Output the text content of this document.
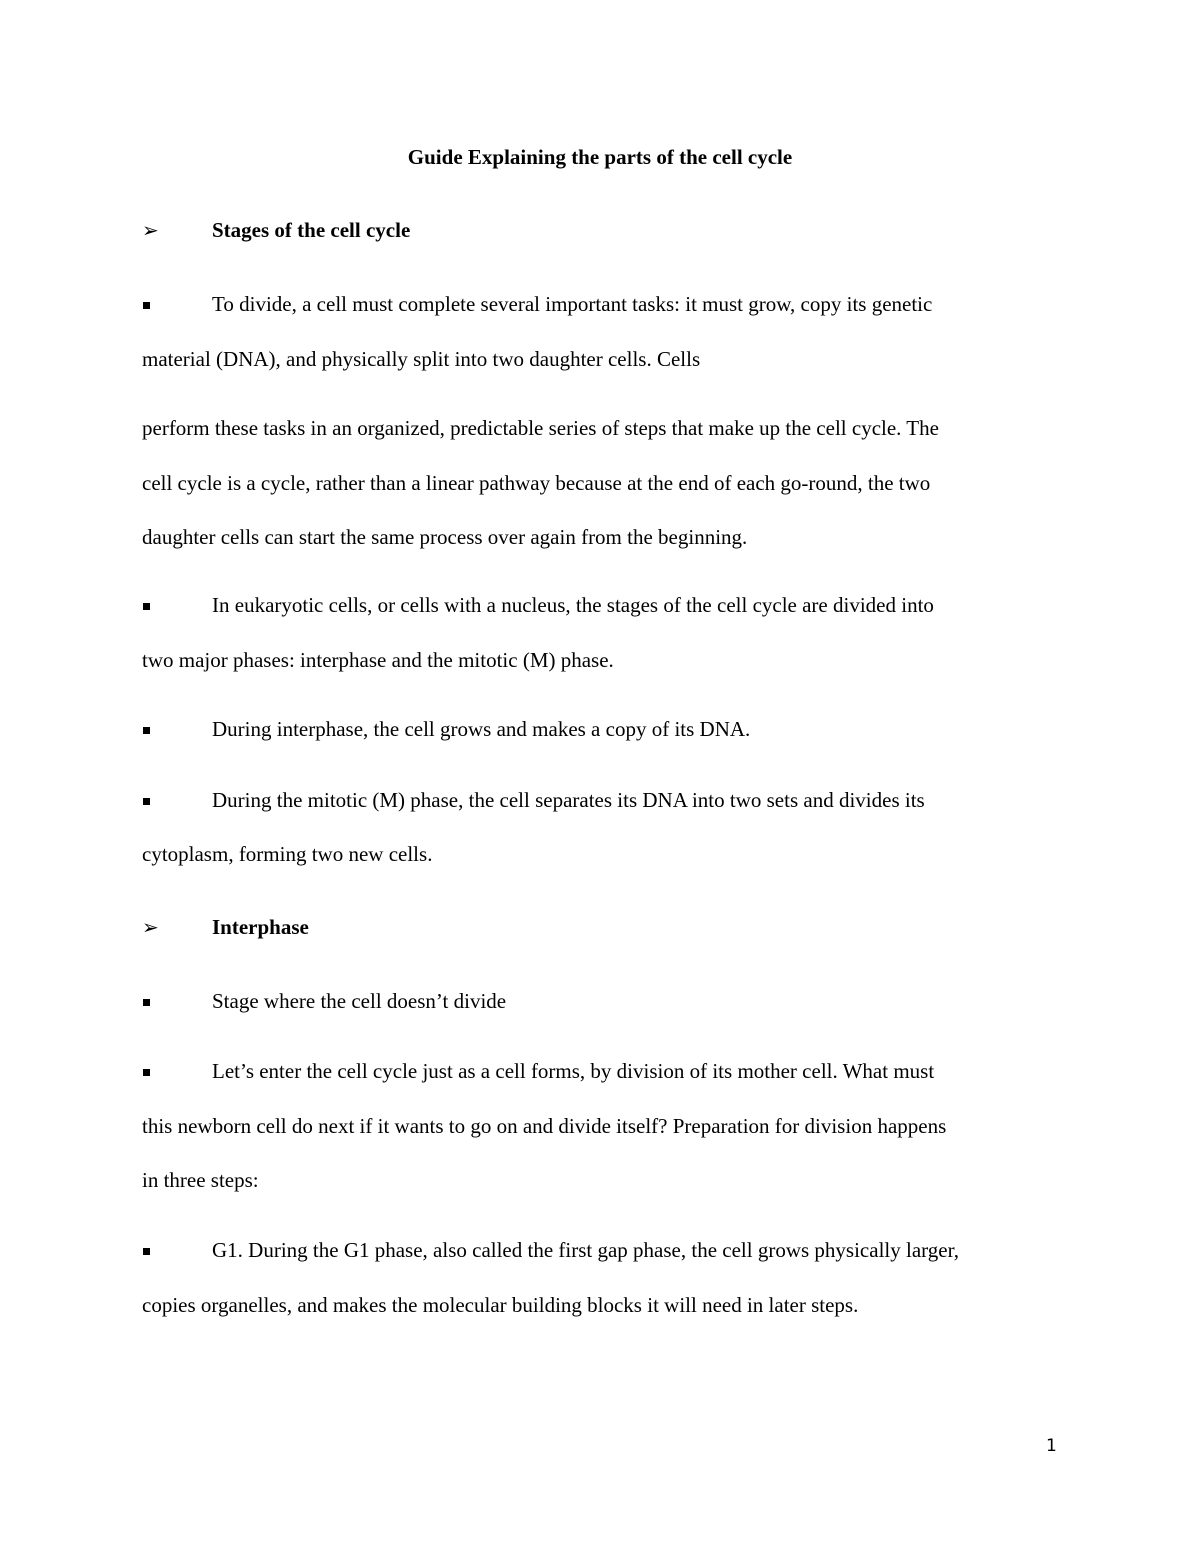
Guide Explaining the parts of the cell cycle
➢	Stages of the cell cycle
To divide, a cell must complete several important tasks: it must grow, copy its genetic
material (DNA), and physically split into two daughter cells. Cells
perform these tasks in an organized, predictable series of steps that make up the cell cycle. The
cell cycle is a cycle, rather than a linear pathway because at the end of each go-round, the two
daughter cells can start the same process over again from the beginning.
In eukaryotic cells, or cells with a nucleus, the stages of the cell cycle are divided into
two major phases: interphase and the mitotic (M) phase.
During interphase, the cell grows and makes a copy of its DNA.
During the mitotic (M) phase, the cell separates its DNA into two sets and divides its
cytoplasm, forming two new cells.
➢	Interphase
Stage where the cell doesn’t divide
Let’s enter the cell cycle just as a cell forms, by division of its mother cell. What must
this newborn cell do next if it wants to go on and divide itself? Preparation for division happens
in three steps:
G1. During the G1 phase, also called the first gap phase, the cell grows physically larger,
copies organelles, and makes the molecular building blocks it will need in later steps.
1
